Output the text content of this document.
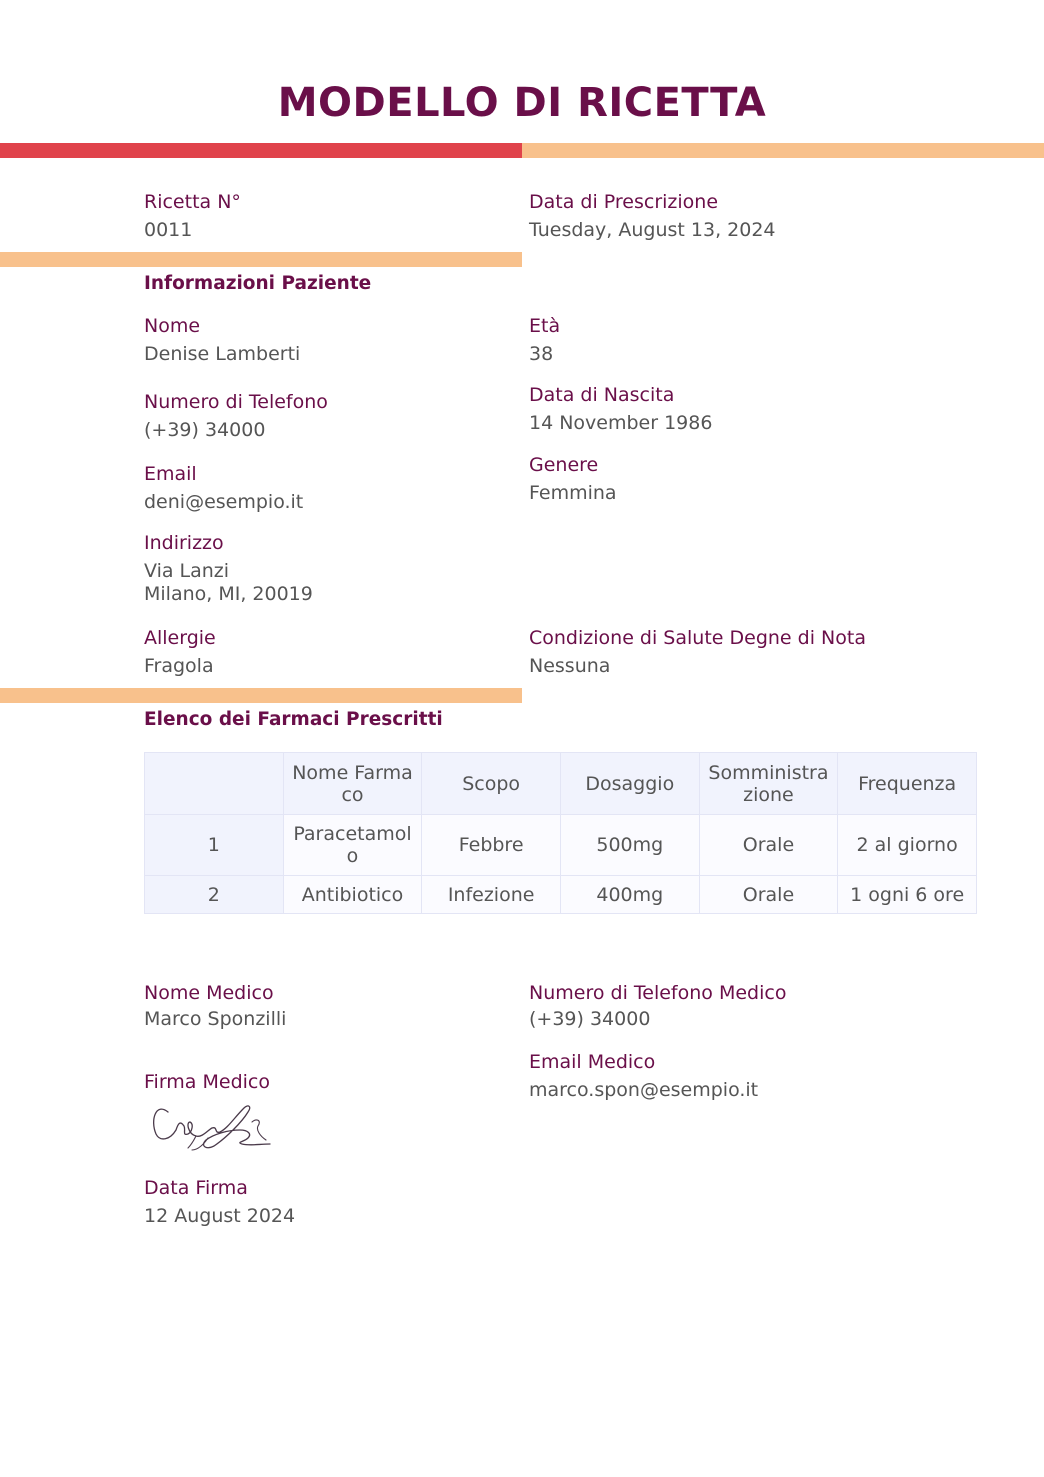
MODELLO DI RICETTA
Ricetta N°
0011
Data di Prescrizione
Tuesday, August 13, 2024
Informazioni Paziente
Nome
Denise Lamberti
Età
38
Numero di Telefono
(+39) 34000
Data di Nascita
14 November 1986
Email
deni@esempio.it
Genere
Femmina
Indirizzo
Via Lanzi
Milano, MI, 20019
Allergie
Fragola
Condizione di Salute Degne di Nota
Nessuna
Elenco dei Farmaci Prescritti
	Nome Farmaco	Scopo	Dosaggio	Somministrazione	Frequenza
1	Paracetamolo	Febbre	500mg	Orale	2 al giorno
2	Antibiotico	Infezione	400mg	Orale	1 ogni 6 ore
Nome Medico
Marco Sponzilli
Numero di Telefono Medico
(+39) 34000
Email Medico
marco.spon@esempio.it
Firma Medico
Data Firma
12 August 2024
